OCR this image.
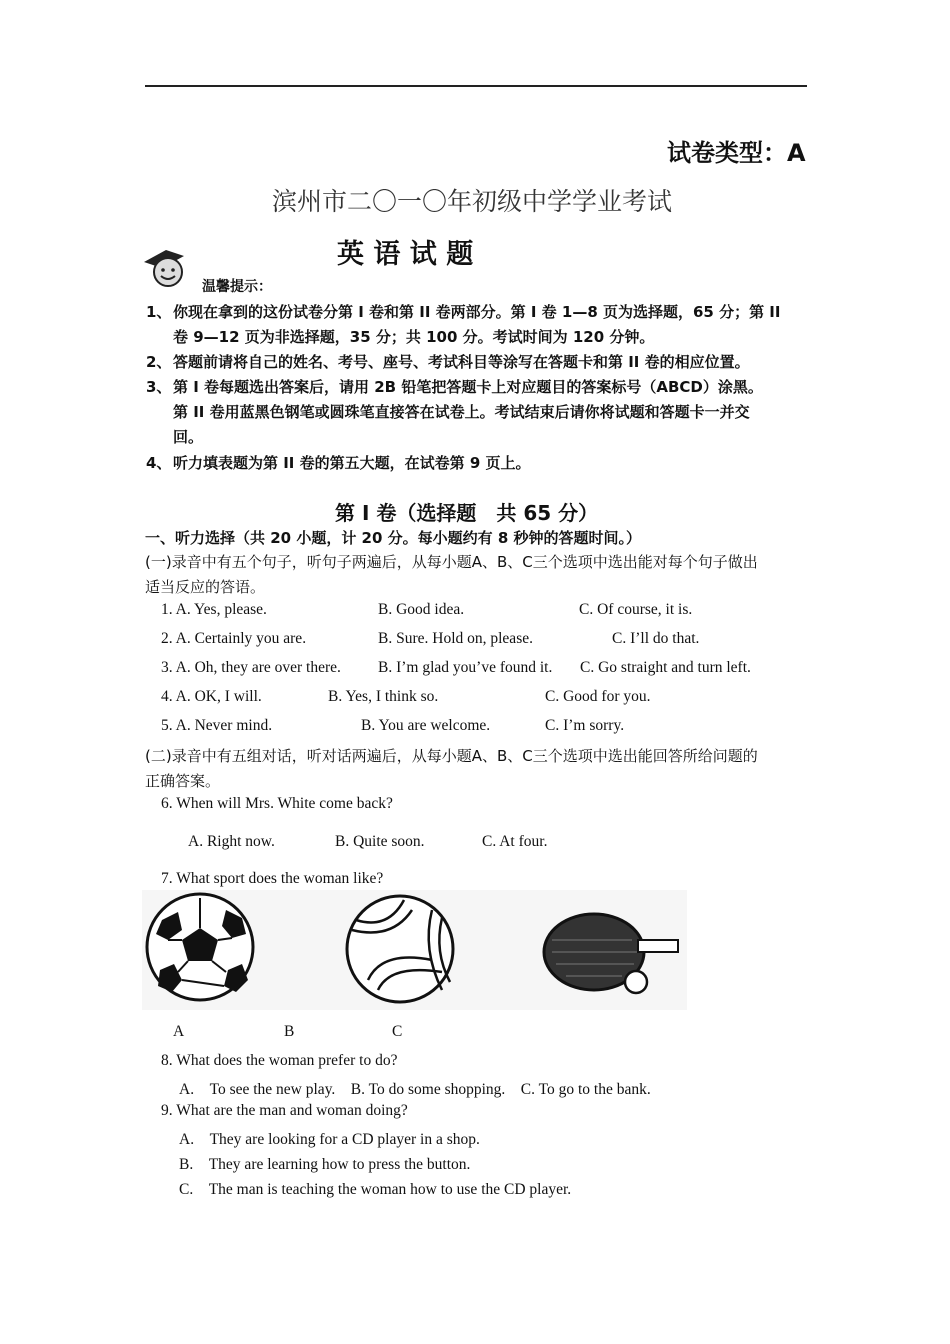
试卷类型：A
滨州市二〇一〇年初级中学学业考试
英 语 试 题
温馨提示：
1、 你现在拿到的这份试卷分第 I 卷和第 II 卷两部分。第 I 卷 1—8 页为选择题，65 分；第 II
卷 9—12 页为非选择题，35 分；共 100 分。考试时间为 120 分钟。
2、 答题前请将自己的姓名、考号、座号、考试科目等涂写在答题卡和第 II 卷的相应位置。
3、 第 I 卷每题选出答案后，请用 2B 铅笔把答题卡上对应题目的答案标号（ABCD）涂黑。
第 II 卷用蓝黑色钢笔或圆珠笔直接答在试卷上。考试结束后请你将试题和答题卡一并交
回。
4、 听力填表题为第 II 卷的第五大题，在试卷第 9 页上。
第 I 卷（选择题　共 65 分）
一、听力选择（共 20 小题，计 20 分。每小题约有 8 秒钟的答题时间。）
(一)录音中有五个句子，听句子两遍后，从每小题A、B、C三个选项中选出能对每个句子做出
适当反应的答语。
1. A. Yes, please.	B. Good idea.	C. Of course, it is.
2. A. Certainly you are.	B. Sure. Hold on, please.	C. I’ll do that.
3. A. Oh, they are over there. B. I’m glad you’ve found it. C. Go straight and turn left.
4. A. OK, I will.	B. Yes, I think so.	C. Good for you.
5. A. Never mind.	B. You are welcome.	C. I’m sorry.
(二)录音中有五组对话，听对话两遍后，从每小题A、B、C三个选项中选出能回答所给问题的
正确答案。
6. When will Mrs. White come back?
A. Right now.	B. Quite soon.	C. At four.
7. What sport does the woman like?
A	B	C
8. What does the woman prefer to do?
A.　To see the new play.　B. To do some shopping.　C. To go to the bank.
9. What are the man and woman doing?
A.　They are looking for a CD player in a shop.
B.　They are learning how to press the button.
C.　The man is teaching the woman how to use the CD player.
